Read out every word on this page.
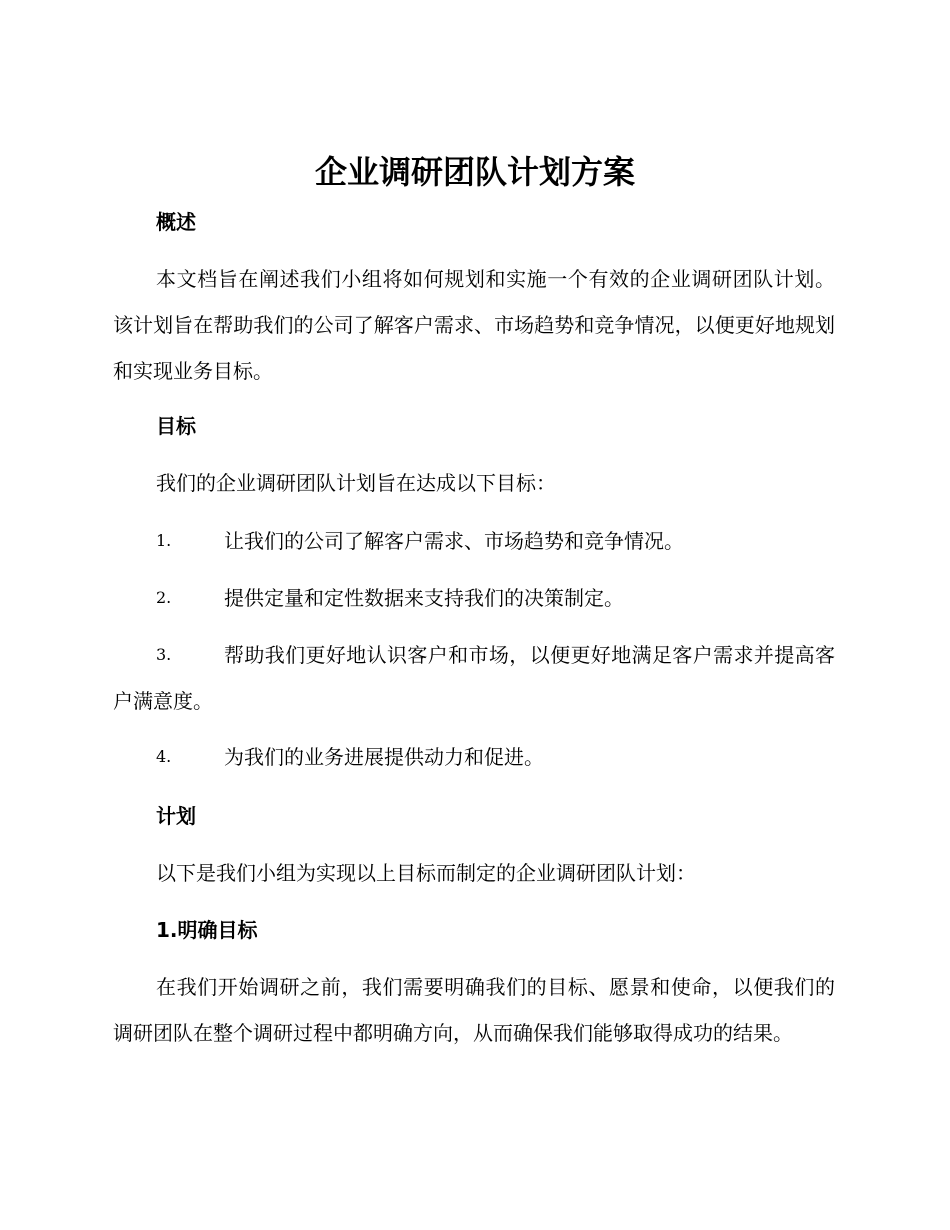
企业调研团队计划方案
概述
本文档旨在阐述我们小组将如何规划和实施一个有效的企业调研团队计划。该计划旨在帮助我们的公司了解客户需求、市场趋势和竞争情况，以便更好地规划和实现业务目标。
目标
我们的企业调研团队计划旨在达成以下目标：
1.	让我们的公司了解客户需求、市场趋势和竞争情况。
2.	提供定量和定性数据来支持我们的决策制定。
3.	帮助我们更好地认识客户和市场，以便更好地满足客户需求并提高客户满意度。
4.	为我们的业务进展提供动力和促进。
计划
以下是我们小组为实现以上目标而制定的企业调研团队计划：
1.明确目标
在我们开始调研之前，我们需要明确我们的目标、愿景和使命，以便我们的调研团队在整个调研过程中都明确方向，从而确保我们能够取得成功的结果。
